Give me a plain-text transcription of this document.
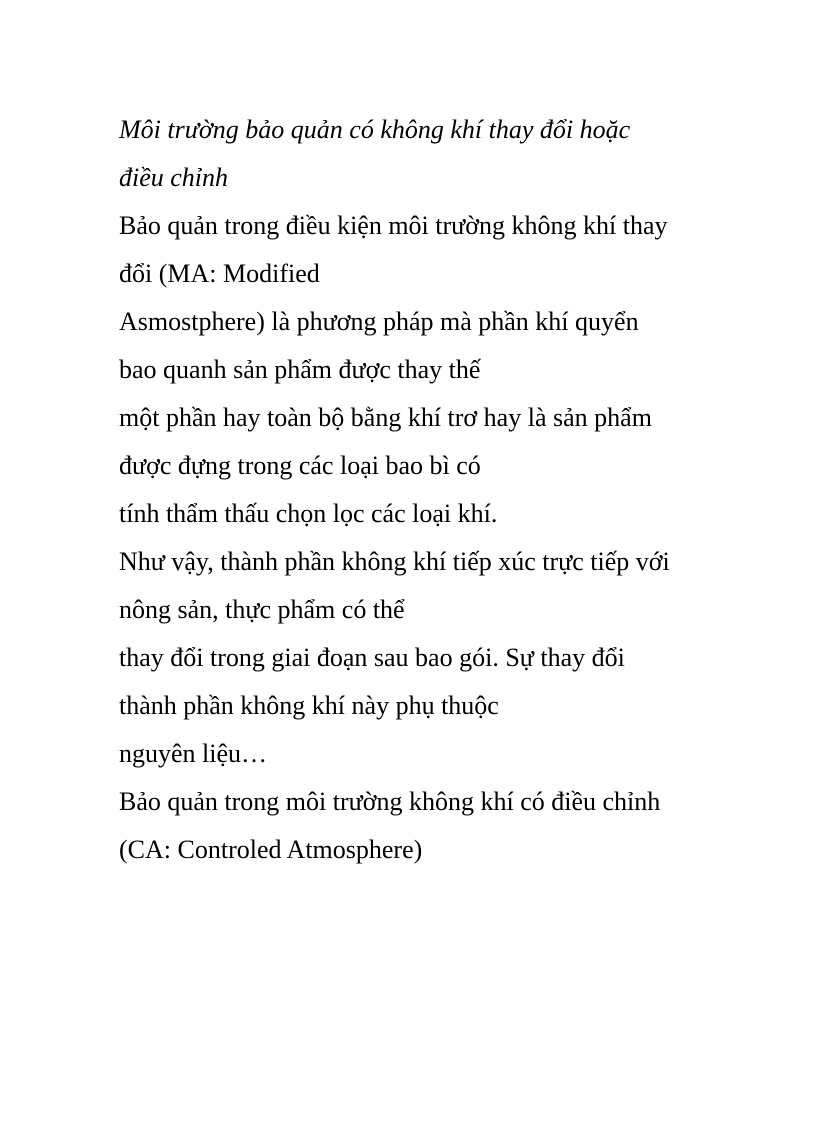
Môi trường bảo quản có không khí thay đổi hoặc
điều chỉnh
Bảo quản trong điều kiện môi trường không khí thay
đổi (MA: Modified
Asmostphere) là phương pháp mà phần khí quyển
bao quanh sản phẩm được thay thế
một phần hay toàn bộ bằng khí trơ hay là sản phẩm
được đựng trong các loại bao bì có
tính thẩm thấu chọn lọc các loại khí.
Như vậy, thành phần không khí tiếp xúc trực tiếp với
nông sản, thực phẩm có thể
thay đổi trong giai đoạn sau bao gói. Sự thay đổi
thành phần không khí này phụ thuộc
nguyên liệu…
Bảo quản trong môi trường không khí có điều chỉnh
(CA: Controled Atmosphere)
